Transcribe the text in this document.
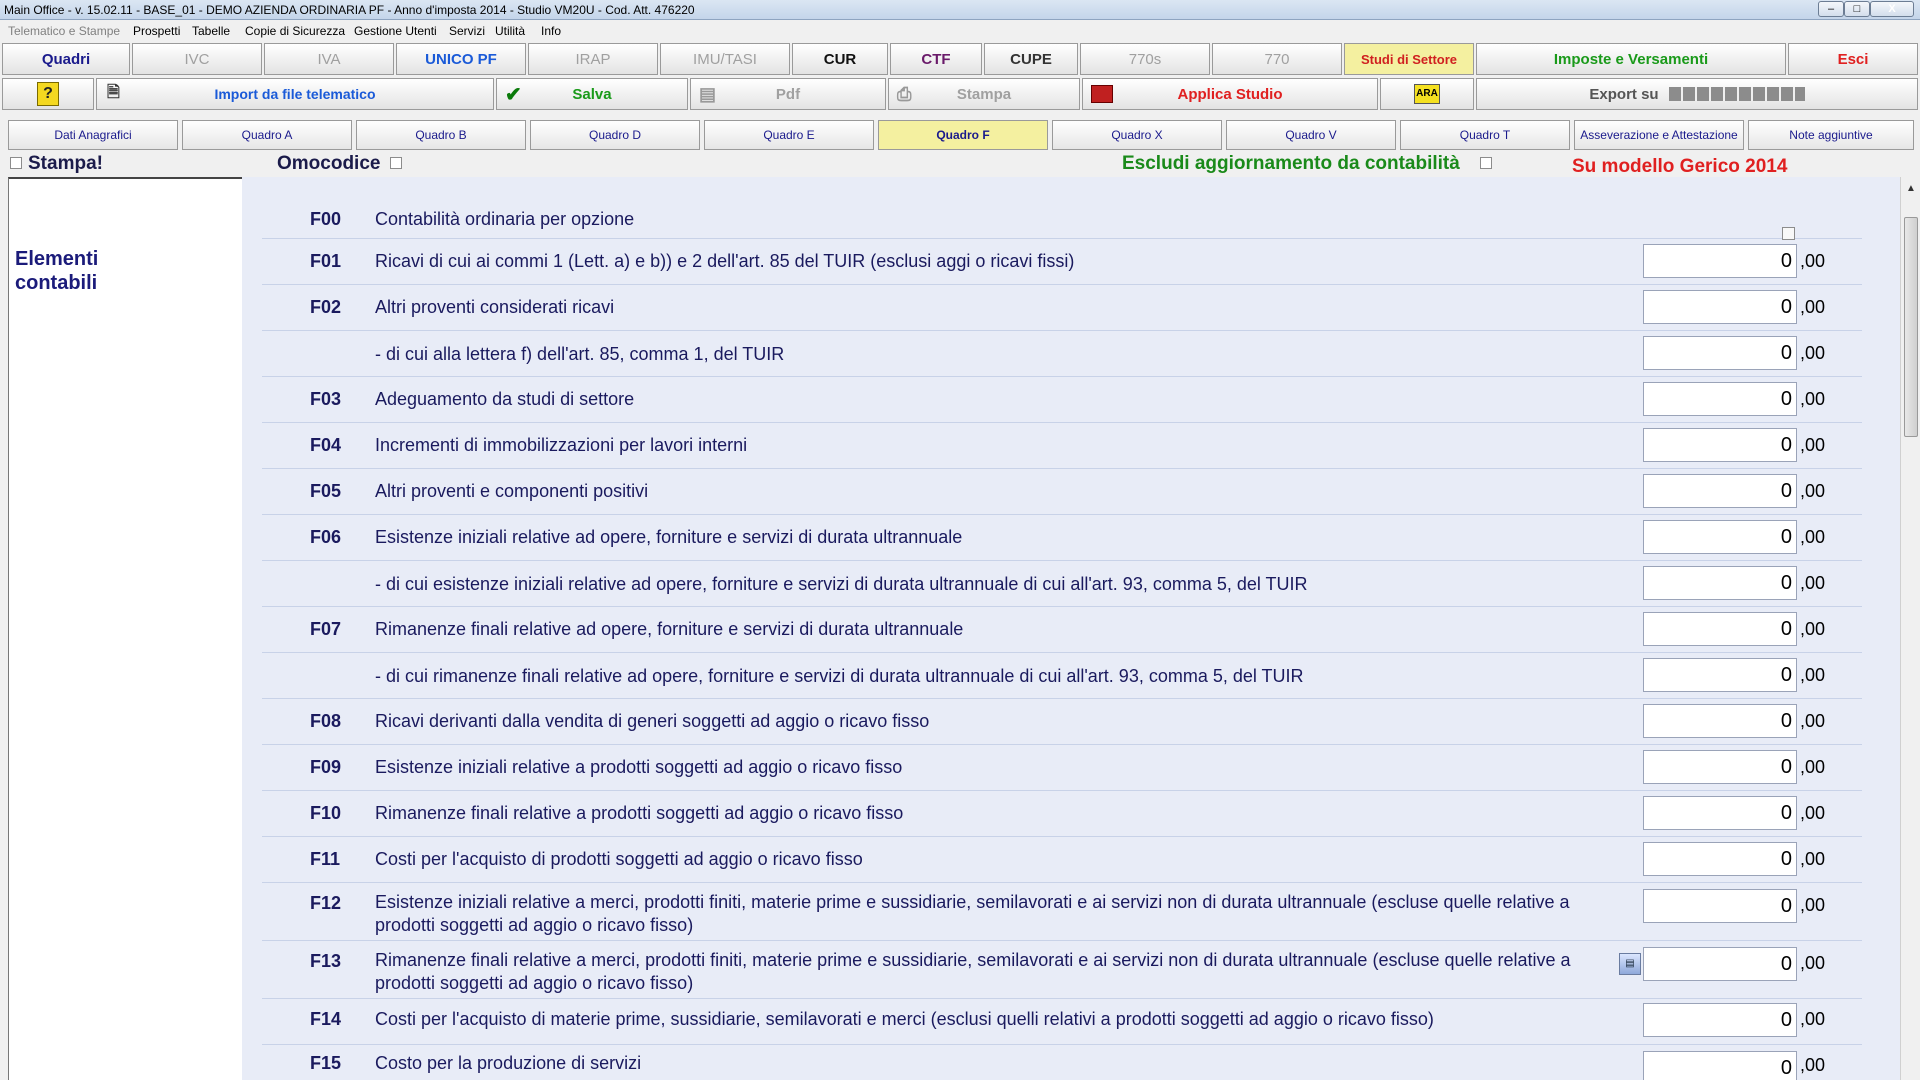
Main Office - v. 15.02.11 - BASE_01 - DEMO AZIENDA ORDINARIA PF - Anno d'imposta 2014 - Studio VM20U - Cod. Att. 476220	–	□	X
Telematico e Stampe Prospetti Tabelle Copie di Sicurezza Gestione Utenti Servizi Utilità Info
Quadri	IVC	IVA	UNICO PF	IRAP	IMU/TASI	CUR	CTF	CUPE	770s	770	Studi di Settore	Imposte e Versamenti	Esci
?	🗎	Import da file telematico	✔	Salva	▤	Pdf	⎙	Stampa	Applica Studio	ARA	Export su
Dati Anagrafici	Quadro A	Quadro B	Quadro D	Quadro E	Quadro F	Quadro X	Quadro V	Quadro T	Asseverazione e Attestazione	Note aggiuntive
Stampa!	Omocodice	Escludi aggiornamento da contabilità	Su modello Gerico 2014
Elementi
contabili
F00 Contabilità ordinaria per opzione
F01 Ricavi di cui ai commi 1 (Lett. a) e b)) e 2 dell'art. 85 del TUIR (esclusi aggi o ricavi fissi)	0 ,00
F02 Altri proventi considerati ricavi	0 ,00
- di cui alla lettera f) dell'art. 85, comma 1, del TUIR	0 ,00
F03 Adeguamento da studi di settore	0 ,00
F04 Incrementi di immobilizzazioni per lavori interni	0 ,00
F05 Altri proventi e componenti positivi	0 ,00
F06 Esistenze iniziali relative ad opere, forniture e servizi di durata ultrannuale	0 ,00
- di cui esistenze iniziali relative ad opere, forniture e servizi di durata ultrannuale di cui all'art. 93, comma 5, del TUIR	0 ,00
F07 Rimanenze finali relative ad opere, forniture e servizi di durata ultrannuale	0 ,00
- di cui rimanenze finali relative ad opere, forniture e servizi di durata ultrannuale di cui all'art. 93, comma 5, del TUIR	0 ,00
F08 Ricavi derivanti dalla vendita di generi soggetti ad aggio o ricavo fisso	0 ,00
F09 Esistenze iniziali relative a prodotti soggetti ad aggio o ricavo fisso	0 ,00
F10 Rimanenze finali relative a prodotti soggetti ad aggio o ricavo fisso	0 ,00
F11 Costi per l'acquisto di prodotti soggetti ad aggio o ricavo fisso	0 ,00
F12 Esistenze iniziali relative a merci, prodotti finiti, materie prime e sussidiarie, semilavorati e ai servizi non di durata ultrannuale (escluse quelle relative a prodotti soggetti ad aggio o ricavo fisso)
0 ,00
F13 Rimanenze finali relative a merci, prodotti finiti, materie prime e sussidiarie, semilavorati e ai servizi non di durata ultrannuale (escluse quelle relative a prodotti soggetti ad aggio o ricavo fisso)
▤	0 ,00
F14 Costi per l'acquisto di materie prime, sussidiarie, semilavorati e merci (esclusi quelli relativi a prodotti soggetti ad aggio o ricavo fisso)	0 ,00
F15 Costo per la produzione di servizi	0 ,00
▲
